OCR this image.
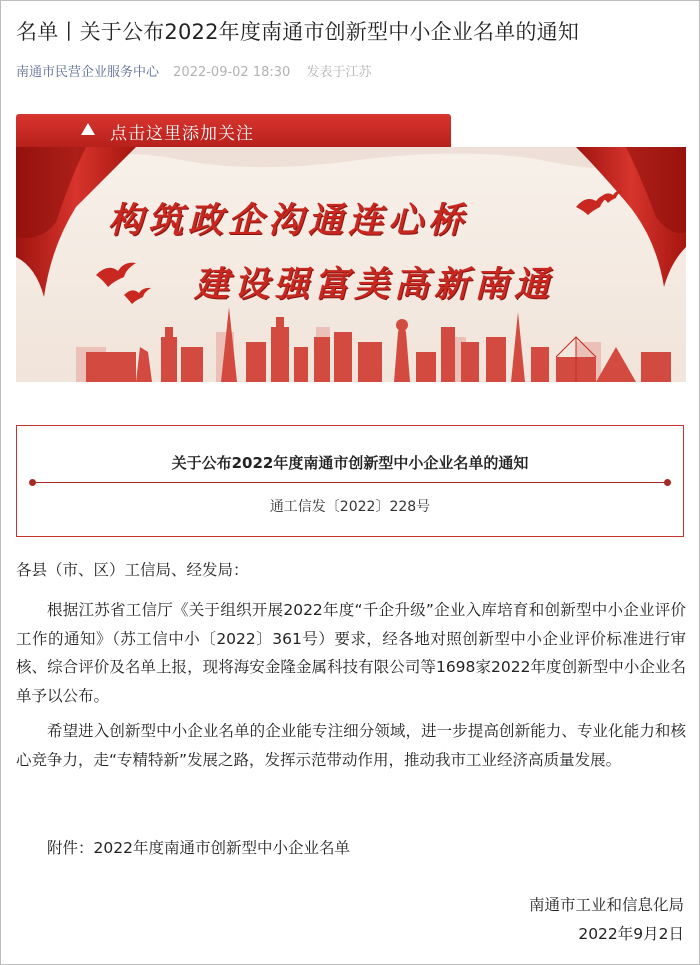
名单丨关于公布2022年度南通市创新型中小企业名单的通知
南通市民营企业服务中心 2022-09-02 18:30 发表于江苏
点击这里添加关注
构筑政企沟通连心桥
建设强富美高新南通
关于公布2022年度南通市创新型中小企业名单的通知
通工信发〔2022〕228号
各县（市、区）工信局、经发局：
根据江苏省工信厅《关于组织开展2022年度“千企升级”企业入库培育和创新型中小企业评价工作的通知》（苏工信中小〔2022〕361号）要求，经各地对照创新型中小企业评价标准进行审核、综合评价及名单上报，现将海安金隆金属科技有限公司等1698家2022年度创新型中小企业名单予以公布。
希望进入创新型中小企业名单的企业能专注细分领域，进一步提高创新能力、专业化能力和核心竞争力，走“专精特新”发展之路，发挥示范带动作用，推动我市工业经济高质量发展。
附件：2022年度南通市创新型中小企业名单
南通市工业和信息化局
2022年9月2日
